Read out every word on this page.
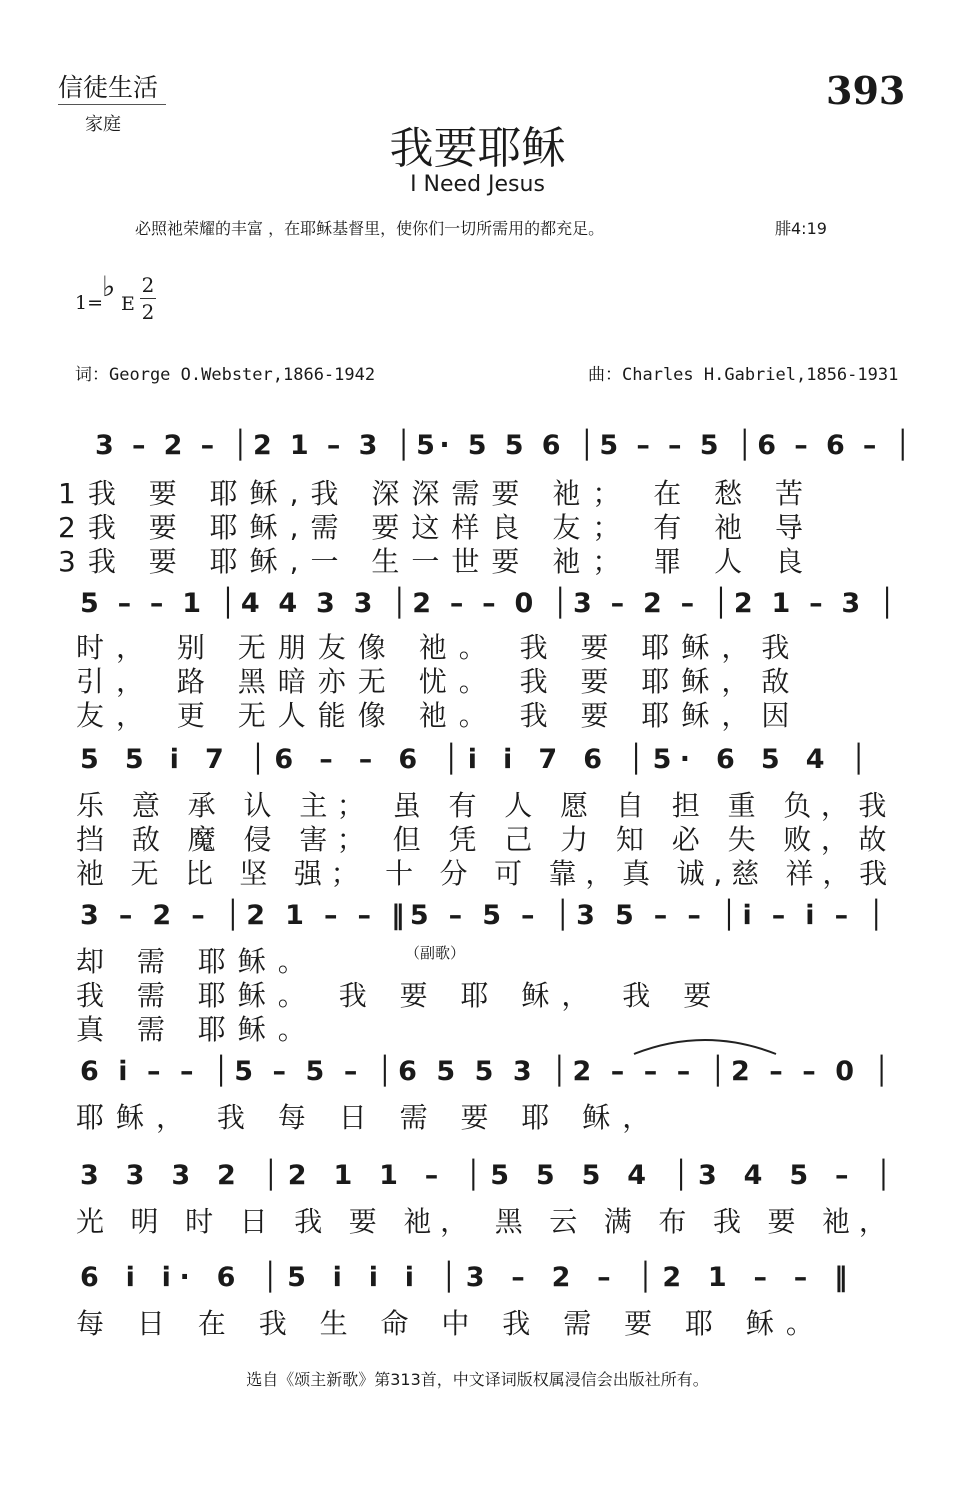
信徒生活
家庭
393
我要耶稣
I Need Jesus
必照祂荣耀的丰富 ，在耶稣基督里，使你们一切所需用的都充足。	腓4:19
1=
♭
E
2
2
词：George O.Webster,1866-1942	曲：Charles H.Gabriel,1856-1931
3 – 2 – │2 1 – 3 │5· 5 5 6 │5 – – 5 │6 – 6 – │
1我 要 耶稣,我 深深需要 祂； 在 愁 苦
2我 要 耶稣,需 要这样良 友； 有 祂 导
3我 要 耶稣,一 生一世要 祂； 罪 人 良
5 – – 1 │4 4 3 3 │2 – – 0 │3 – 2 – │2 1 – 3 │
时， 别 无朋友像 祂。 我 要 耶稣，我
引， 路 黑暗亦无 忧。 我 要 耶稣，敌
友， 更 无人能像 祂。 我 要 耶稣，因
5 5 i̇ 7 │6 – – 6 │i̇ i̇ 7 6 │5· 6 5 4 │
乐 意 承 认 主； 虽 有 人 愿 自 担 重 负，我
挡 敌 魔 侵 害； 但 凭 己 力 知 必 失 败，故
祂 无 比 坚 强； 十 分 可 靠，真 诚,慈 祥，我
3 – 2 – │2 1 – – ‖5 – 5 – │3 5 – – │i̇ – i̇ – │
（副歌）
却 需 耶稣。
我 需 耶稣。 我 要 耶 稣， 我 要
真 需 耶稣。
6 i̇ – – │5 – 5 – │6 5 5 3 │2 – – – │2 – – 0 │
耶稣， 我 每 日 需 要 耶 稣，
3 3 3 2 │2 1 1 – │5 5 5 4 │3 4 5 – │
光 明 时 日 我 要 祂， 黑 云 满 布 我 要 祂，
6 i̇ i̇· 6 │5 i̇ i̇ i̇ │3 – 2 – │2 1 – – ‖
每 日 在 我 生 命 中 我 需 要 耶 稣。
选自《颂主新歌》第313首，中文译词版权属浸信会出版社所有。
